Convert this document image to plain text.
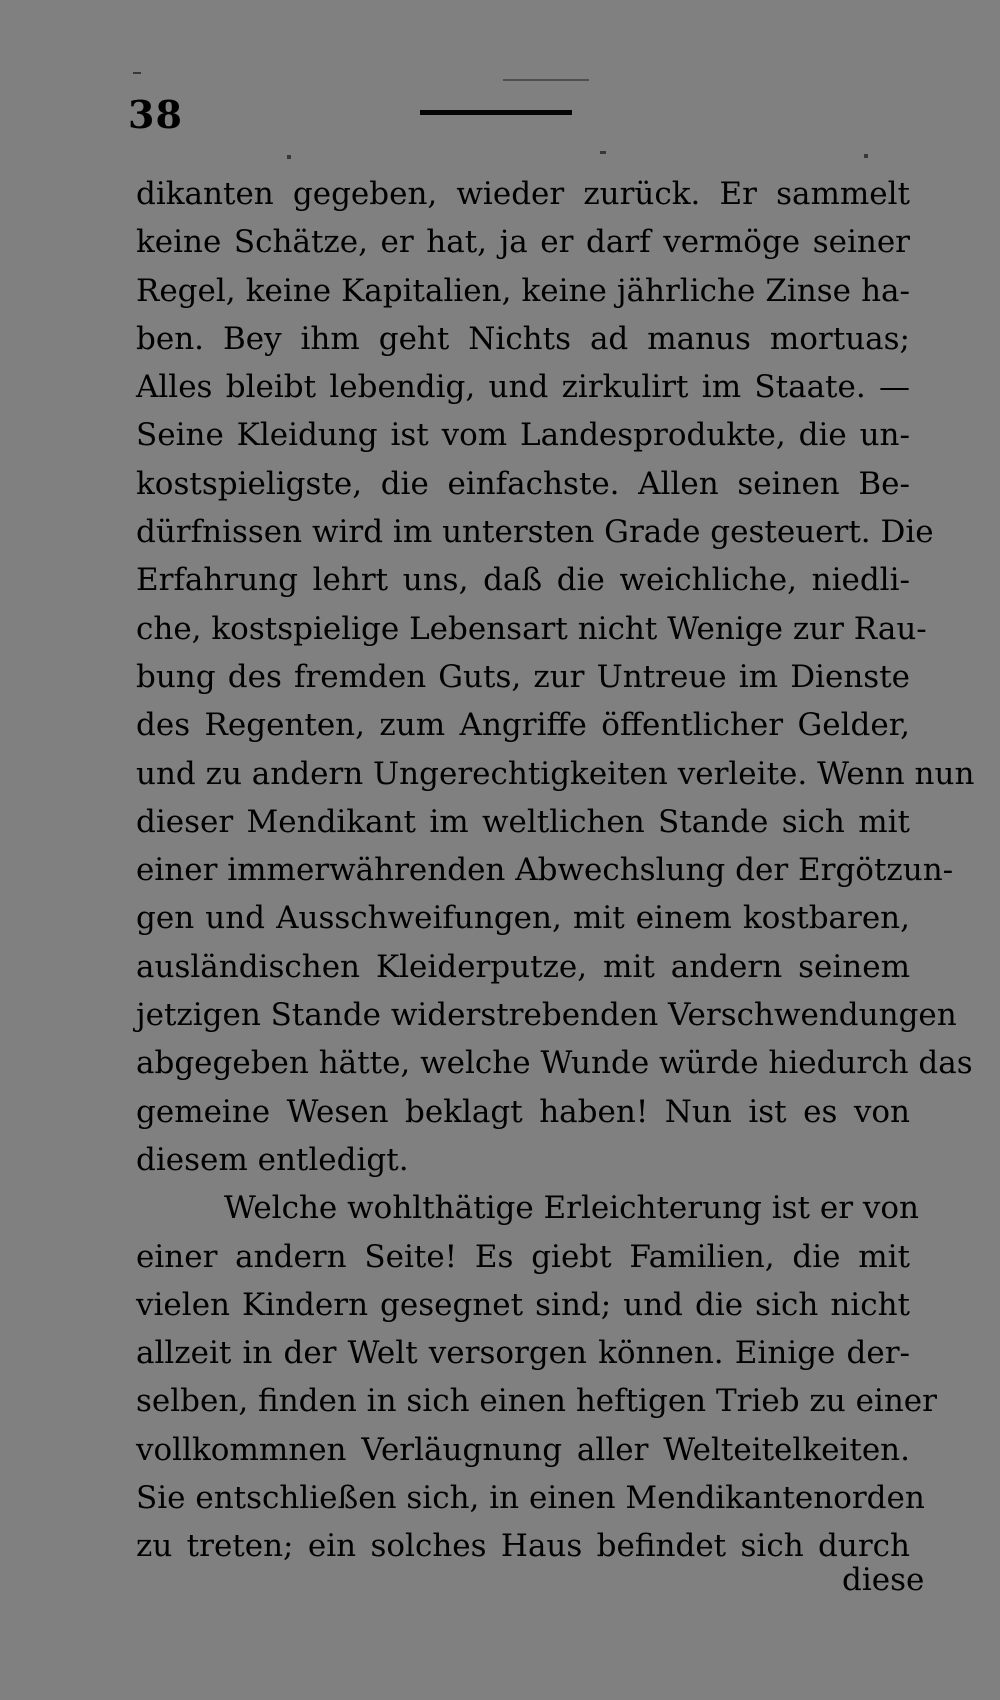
38
dikanten gegeben, wieder zurück. Er sammelt
keine Schätze, er hat, ja er darf vermöge seiner
Regel, keine Kapitalien, keine jährliche Zinse ha-
ben. Bey ihm geht Nichts ad manus mortuas;
Alles bleibt lebendig, und zirkulirt im Staate. —
Seine Kleidung ist vom Landesprodukte, die un-
kostspieligste, die einfachste. Allen seinen Be-
dürfnissen wird im untersten Grade gesteuert. Die
Erfahrung lehrt uns, daß die weichliche, niedli-
che, kostspielige Lebensart nicht Wenige zur Rau-
bung des fremden Guts, zur Untreue im Dienste
des Regenten, zum Angriffe öffentlicher Gelder,
und zu andern Ungerechtigkeiten verleite. Wenn nun
dieser Mendikant im weltlichen Stande sich mit
einer immerwährenden Abwechslung der Ergötzun-
gen und Ausschweifungen, mit einem kostbaren,
ausländischen Kleiderputze, mit andern seinem
jetzigen Stande widerstrebenden Verschwendungen
abgegeben hätte, welche Wunde würde hiedurch das
gemeine Wesen beklagt haben! Nun ist es von
diesem entledigt.
Welche wohlthätige Erleichterung ist er von
einer andern Seite! Es giebt Familien, die mit
vielen Kindern gesegnet sind; und die sich nicht
allzeit in der Welt versorgen können. Einige der-
selben, finden in sich einen heftigen Trieb zu einer
vollkommnen Verläugnung aller Welteitelkeiten.
Sie entschließen sich, in einen Mendikantenorden
zu treten; ein solches Haus befindet sich durch
diese
